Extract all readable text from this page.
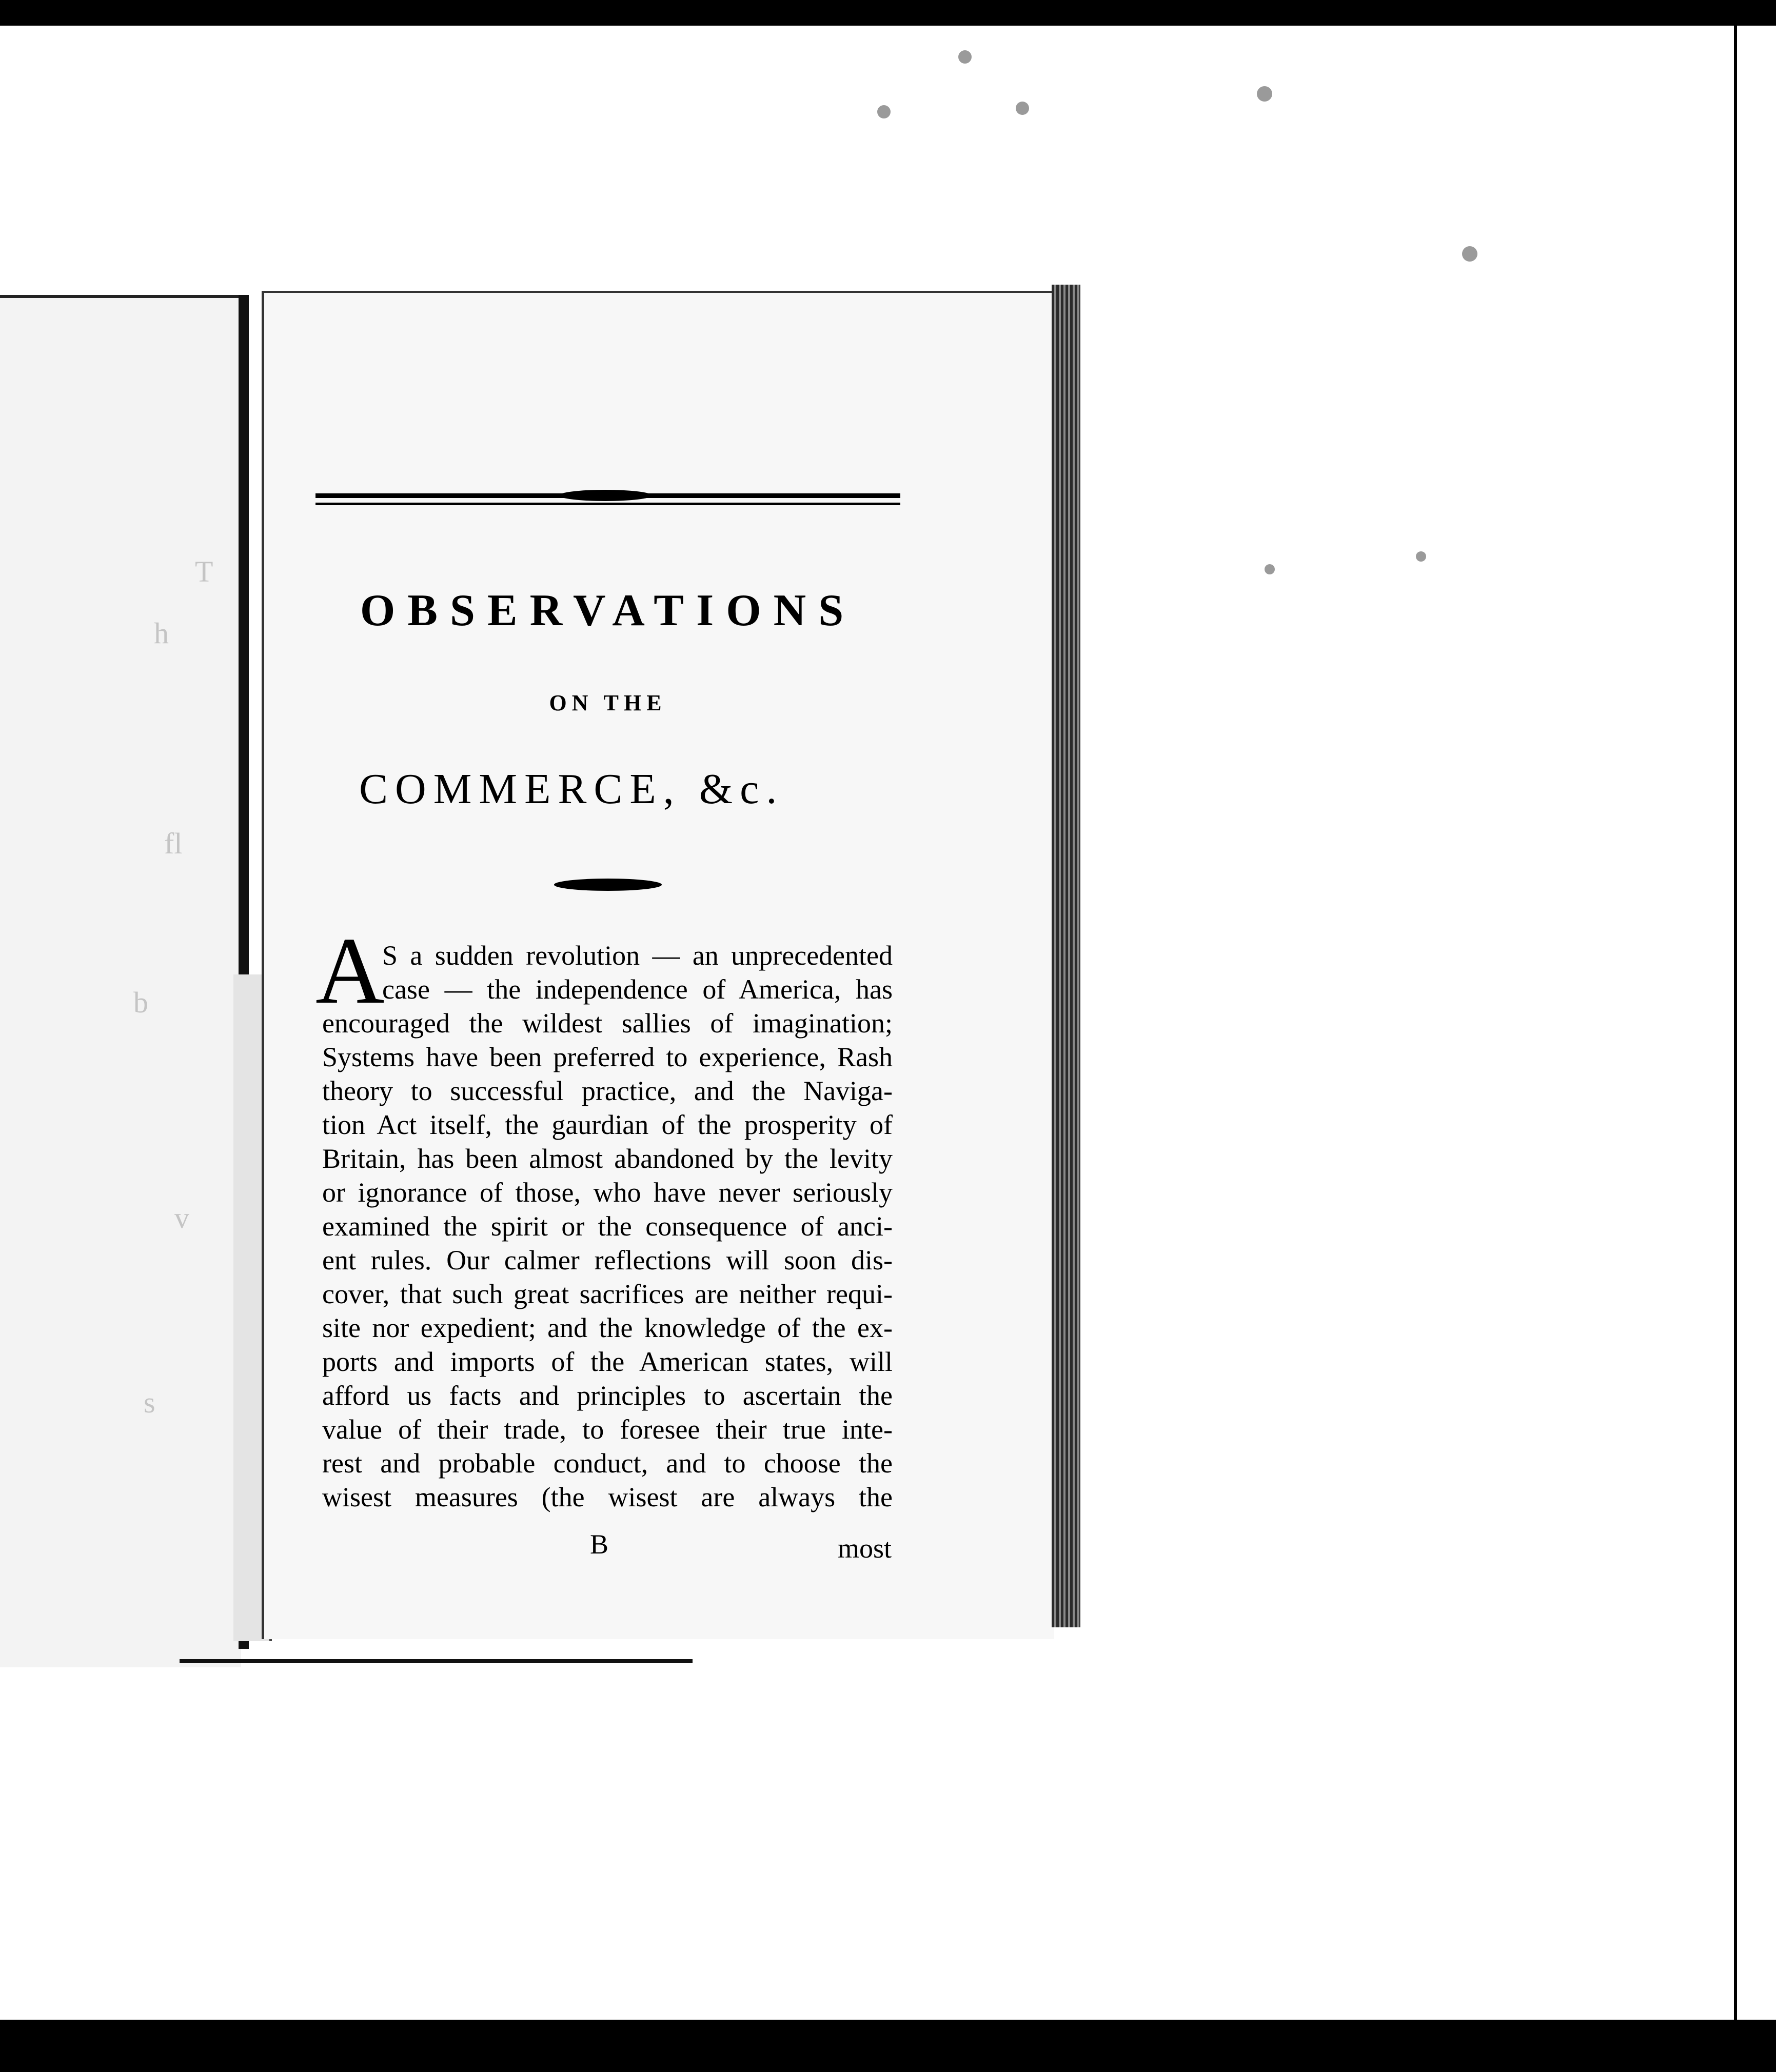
T
h
fl
b
v
s
OBSERVATIONS
ON THE
COMMERCE, &c.
A
S a sudden revolution — an unprecedented
case — the independence of America, has
encouraged the wildest sallies of imagination;
Systems have been preferred to experience, Rash
theory to successful practice, and the Naviga-
tion Act itself, the gaurdian of the prosperity of
Britain, has been almost abandoned by the levity
or ignorance of those, who have never seriously
examined the spirit or the consequence of anci-
ent rules. Our calmer reflections will soon dis-
cover, that such great sacrifices are neither requi-
site nor expedient; and the knowledge of the ex-
ports and imports of the American states, will
afford us facts and principles to ascertain the
value of their trade, to foresee their true inte-
rest and probable conduct, and to choose the
wisest measures (the wisest are always the
B	most
